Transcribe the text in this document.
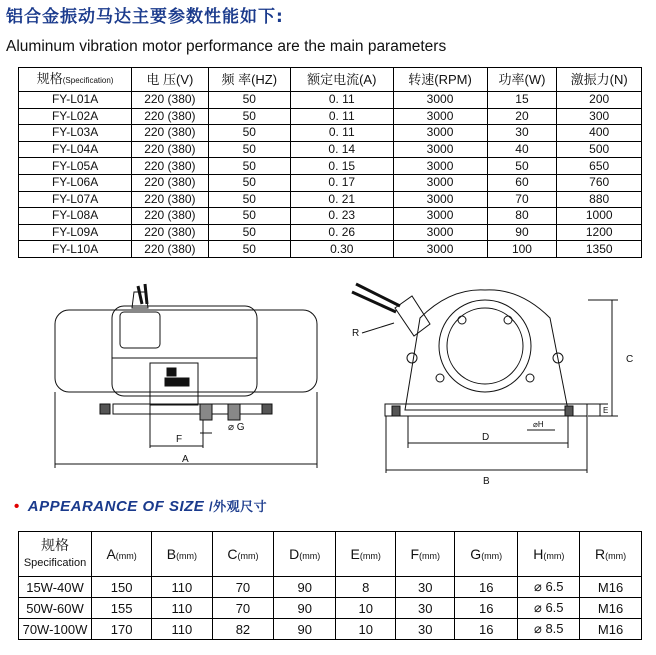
铝合金振动马达主要参数性能如下:
Aluminum vibration motor performance are the main parameters
规格(Specification)	电 压(V)	频 率(HZ)	额定电流(A)	转速(RPM)	功率(W)	激振力(N)
FY-L01A	220 (380)	50	0. 11	3000	15	200
FY-L02A	220 (380)	50	0. 11	3000	20	300
FY-L03A	220 (380)	50	0. 11	3000	30	400
FY-L04A	220 (380)	50	0. 14	3000	40	500
FY-L05A	220 (380)	50	0. 15	3000	50	650
FY-L06A	220 (380)	50	0. 17	3000	60	760
FY-L07A	220 (380)	50	0. 21	3000	70	880
FY-L08A	220 (380)	50	0. 23	3000	80	1000
FY-L09A	220 (380)	50	0. 26	3000	90	1200
FY-L10A	220 (380)	50	0.30	3000	100	1350
F
A
⌀ G
R
C
E
⌀H
D
B
• APPEARANCE OF SIZE /外观尺寸
规格
Specification	A(mm)	B(mm)	C(mm)	D(mm)	E(mm)	F(mm)	G(mm)	H(mm)	R(mm)
15W-40W	150	110	70	90	8	30	16	⌀ 6.5	M16
50W-60W	155	110	70	90	10	30	16	⌀ 6.5	M16
70W-100W	170	110	82	90	10	30	16	⌀ 8.5	M16
